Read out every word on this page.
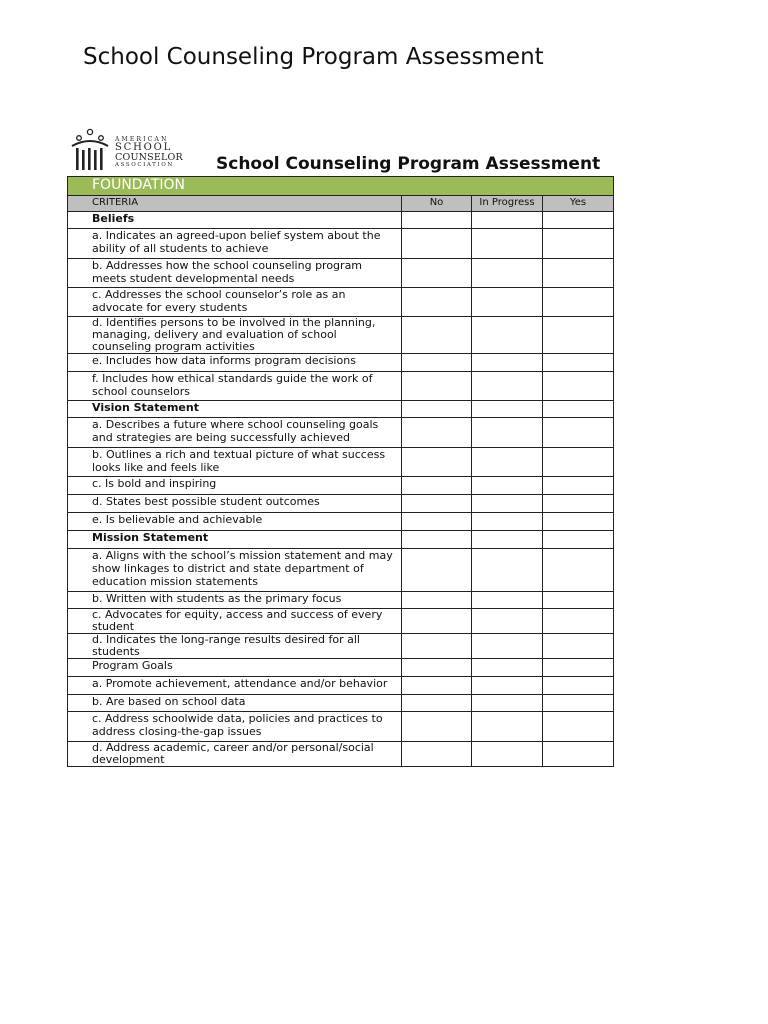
School Counseling Program Assessment
AMERICAN
SCHOOL
COUNSELOR
ASSOCIATION	School Counseling Program Assessment
FOUNDATION			
CRITERIA	No	In Progress	Yes
Beliefs			
a. Indicates an agreed-upon belief system about the ability of all students to achieve			
b. Addresses how the school counseling program meets student developmental needs			
c. Addresses the school counselor’s role as an advocate for every students			
d. Identifies persons to be involved in the planning, managing, delivery and evaluation of school counseling program activities			
e. Includes how data informs program decisions			
f. Includes how ethical standards guide the work of school counselors			
Vision Statement			
a. Describes a future where school counseling goals and strategies are being successfully achieved			
b. Outlines a rich and textual picture of what success looks like and feels like			
c. Is bold and inspiring			
d. States best possible student outcomes			
e. Is believable and achievable			
Mission Statement			
a. Aligns with the school’s mission statement and may show linkages to district and state department of education mission statements			
b. Written with students as the primary focus			
c. Advocates for equity, access and success of every student			
d. Indicates the long-range results desired for all students			
Program Goals			
a. Promote achievement, attendance and/or behavior			
b. Are based on school data			
c. Address schoolwide data, policies and practices to address closing-the-gap issues			
d. Address academic, career and/or personal/social development			
